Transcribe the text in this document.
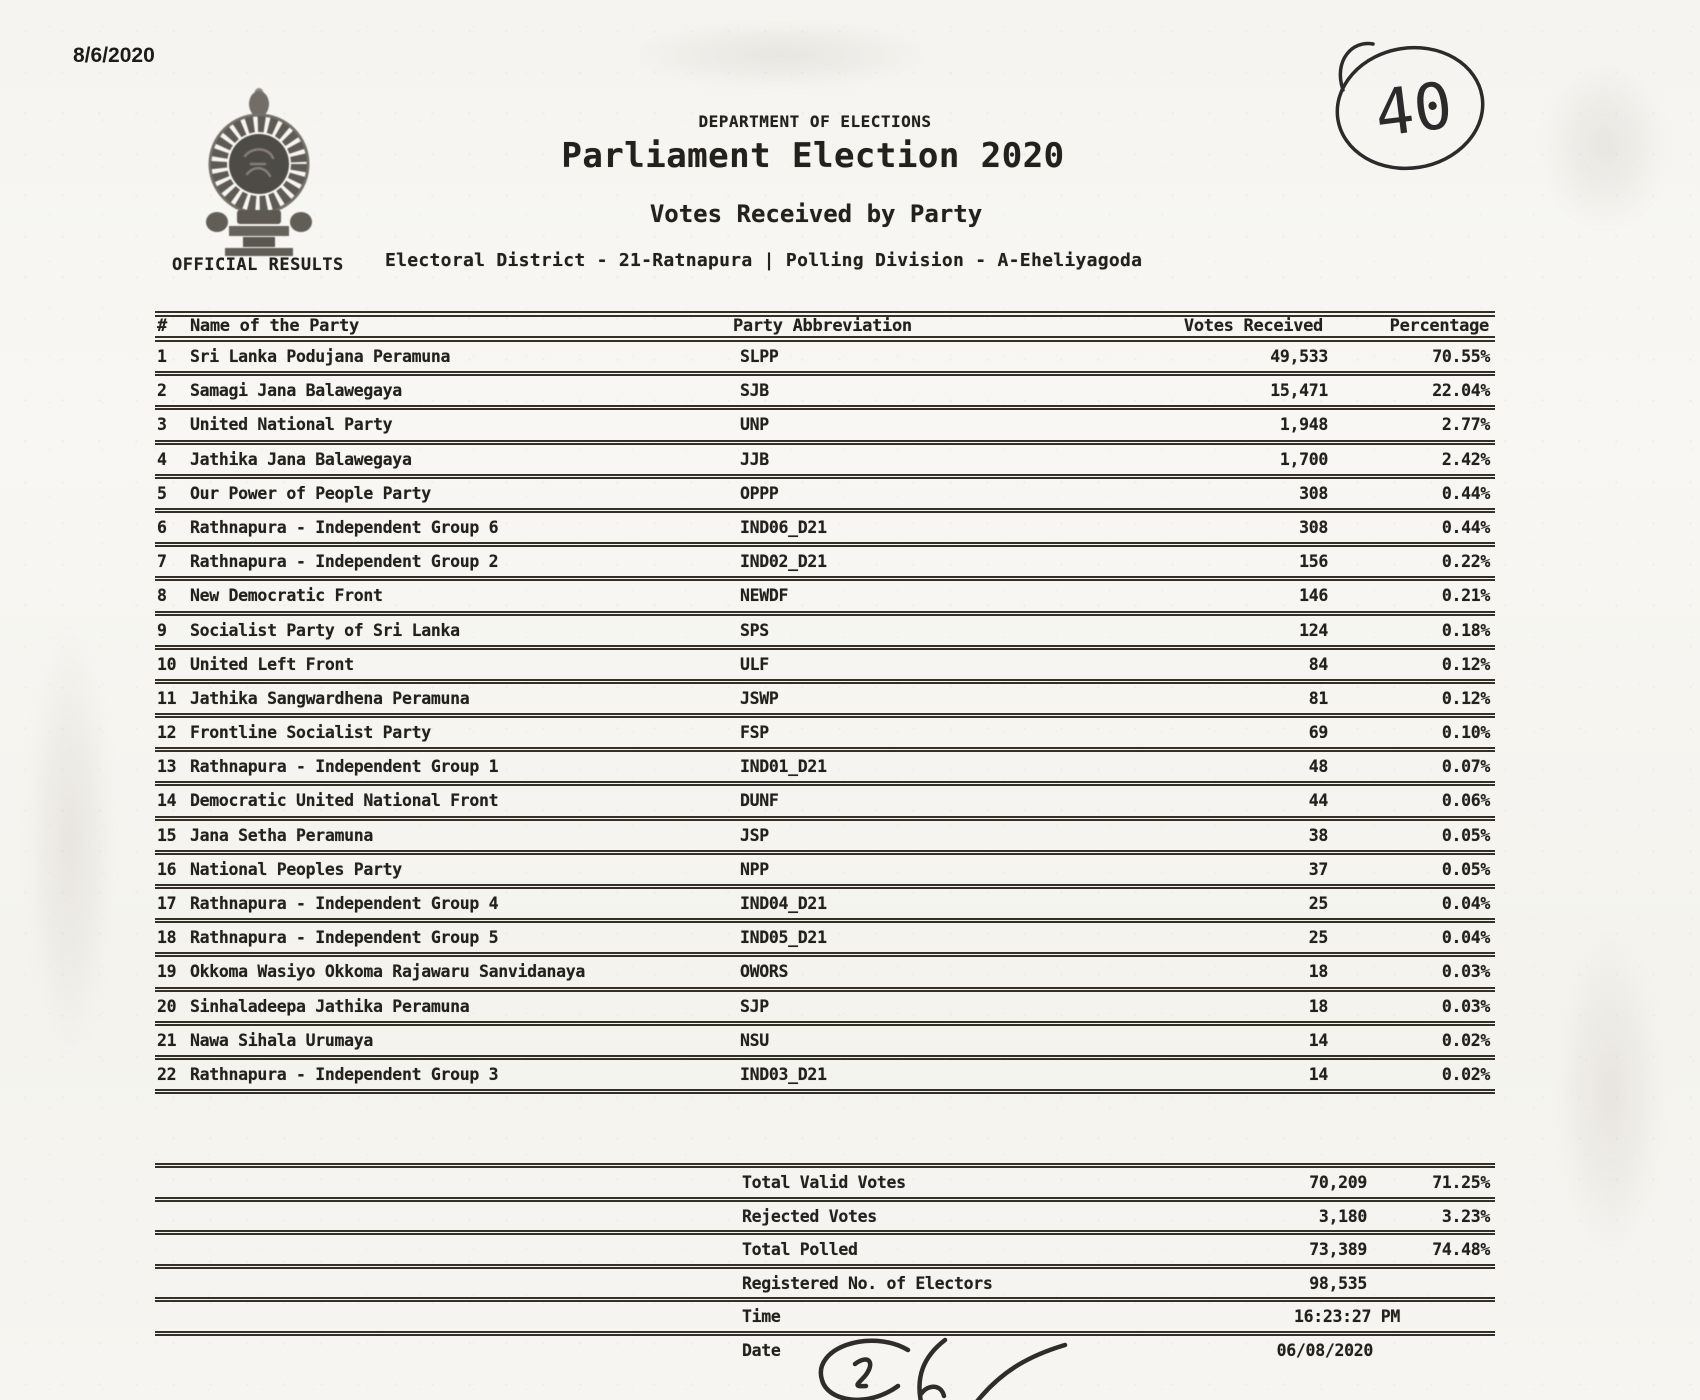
8/6/2020
OFFICIAL RESULTS
DEPARTMENT OF ELECTIONS
Parliament Election 2020
Votes Received by Party
Electoral District - 21-Ratnapura | Polling Division - A-Eheliyagoda
40
# Name of the Party	Party Abbreviation	Votes Received	Percentage
1 Sri Lanka Podujana Peramuna	SLPP	49,533	70.55%
2 Samagi Jana Balawegaya	SJB	15,471	22.04%
3 United National Party	UNP	1,948	2.77%
4 Jathika Jana Balawegaya	JJB	1,700	2.42%
5 Our Power of People Party	OPPP	308	0.44%
6 Rathnapura - Independent Group 6	IND06_D21	308	0.44%
7 Rathnapura - Independent Group 2	IND02_D21	156	0.22%
8 New Democratic Front	NEWDF	146	0.21%
9 Socialist Party of Sri Lanka	SPS	124	0.18%
10 United Left Front	ULF	84	0.12%
11 Jathika Sangwardhena Peramuna	JSWP	81	0.12%
12 Frontline Socialist Party	FSP	69	0.10%
13 Rathnapura - Independent Group 1	IND01_D21	48	0.07%
14 Democratic United National Front	DUNF	44	0.06%
15 Jana Setha Peramuna	JSP	38	0.05%
16 National Peoples Party	NPP	37	0.05%
17 Rathnapura - Independent Group 4	IND04_D21	25	0.04%
18 Rathnapura - Independent Group 5	IND05_D21	25	0.04%
19 Okkoma Wasiyo Okkoma Rajawaru Sanvidanaya	OWORS	18	0.03%
20 Sinhaladeepa Jathika Peramuna	SJP	18	0.03%
21 Nawa Sihala Urumaya	NSU	14	0.02%
22 Rathnapura - Independent Group 3	IND03_D21	14	0.02%
Total Valid Votes	70,209	71.25%
Rejected Votes	3,180	3.23%
Total Polled	73,389	74.48%
Registered No. of Electors	98,535
Time	16:23:27 PM
Date	06/08/2020
